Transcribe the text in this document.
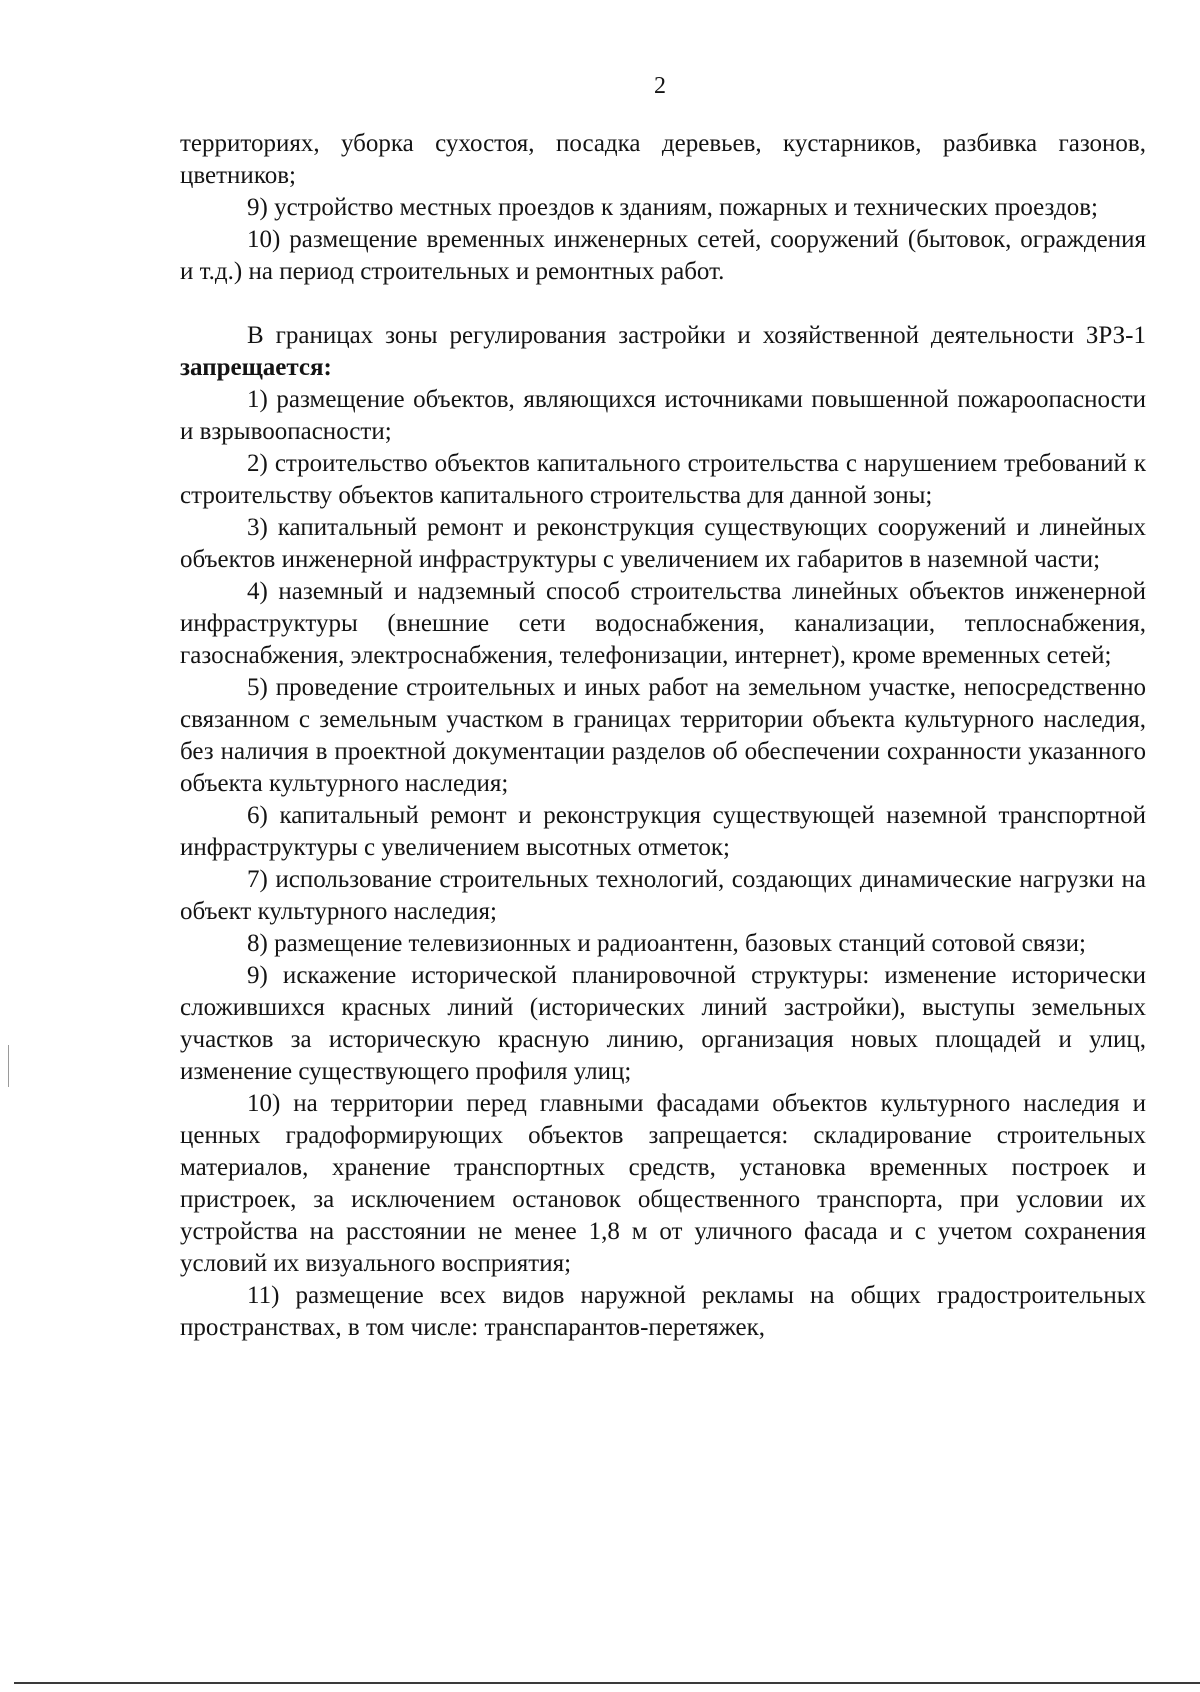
2

территориях, уборка сухостоя, посадка деревьев, кустарников, разбивка газонов, цветников;

9) устройство местных проездов к зданиям, пожарных и технических проездов;

10) размещение временных инженерных сетей, сооружений (бытовок, ограждения и т.д.) на период строительных и ремонтных работ.

В границах зоны регулирования застройки и хозяйственной деятельности ЗРЗ-1 запрещается:

1) размещение объектов, являющихся источниками повышенной пожароопасности и взрывоопасности;

2) строительство объектов капитального строительства с нарушением требований к строительству объектов капитального строительства для данной зоны;

3) капитальный ремонт и реконструкция существующих сооружений и линейных объектов инженерной инфраструктуры с увеличением их габаритов в наземной части;

4) наземный и надземный способ строительства линейных объектов инженерной инфраструктуры (внешние сети водоснабжения, канализации, теплоснабжения, газоснабжения, электроснабжения, телефонизации, интернет), кроме временных сетей;

5) проведение строительных и иных работ на земельном участке, непосредственно связанном с земельным участком в границах территории объекта культурного наследия, без наличия в проектной документации разделов об обеспечении сохранности указанного объекта культурного наследия;

6) капитальный ремонт и реконструкция существующей наземной транспортной инфраструктуры с увеличением высотных отметок;

7) использование строительных технологий, создающих динамические нагрузки на объект культурного наследия;

8) размещение телевизионных и радиоантенн, базовых станций сотовой связи;

9) искажение исторической планировочной структуры: изменение исторически сложившихся красных линий (исторических линий застройки), выступы земельных участков за историческую красную линию, организация новых площадей и улиц, изменение существующего профиля улиц;

10) на территории перед главными фасадами объектов культурного наследия и ценных градоформирующих объектов запрещается: складирование строительных материалов, хранение транспортных средств, установка временных построек и пристроек, за исключением остановок общественного транспорта, при условии их устройства на расстоянии не менее 1,8 м от уличного фасада и с учетом сохранения условий их визуального восприятия;

11) размещение всех видов наружной рекламы на общих градостроительных пространствах, в том числе: транспарантов-перетяжек,
